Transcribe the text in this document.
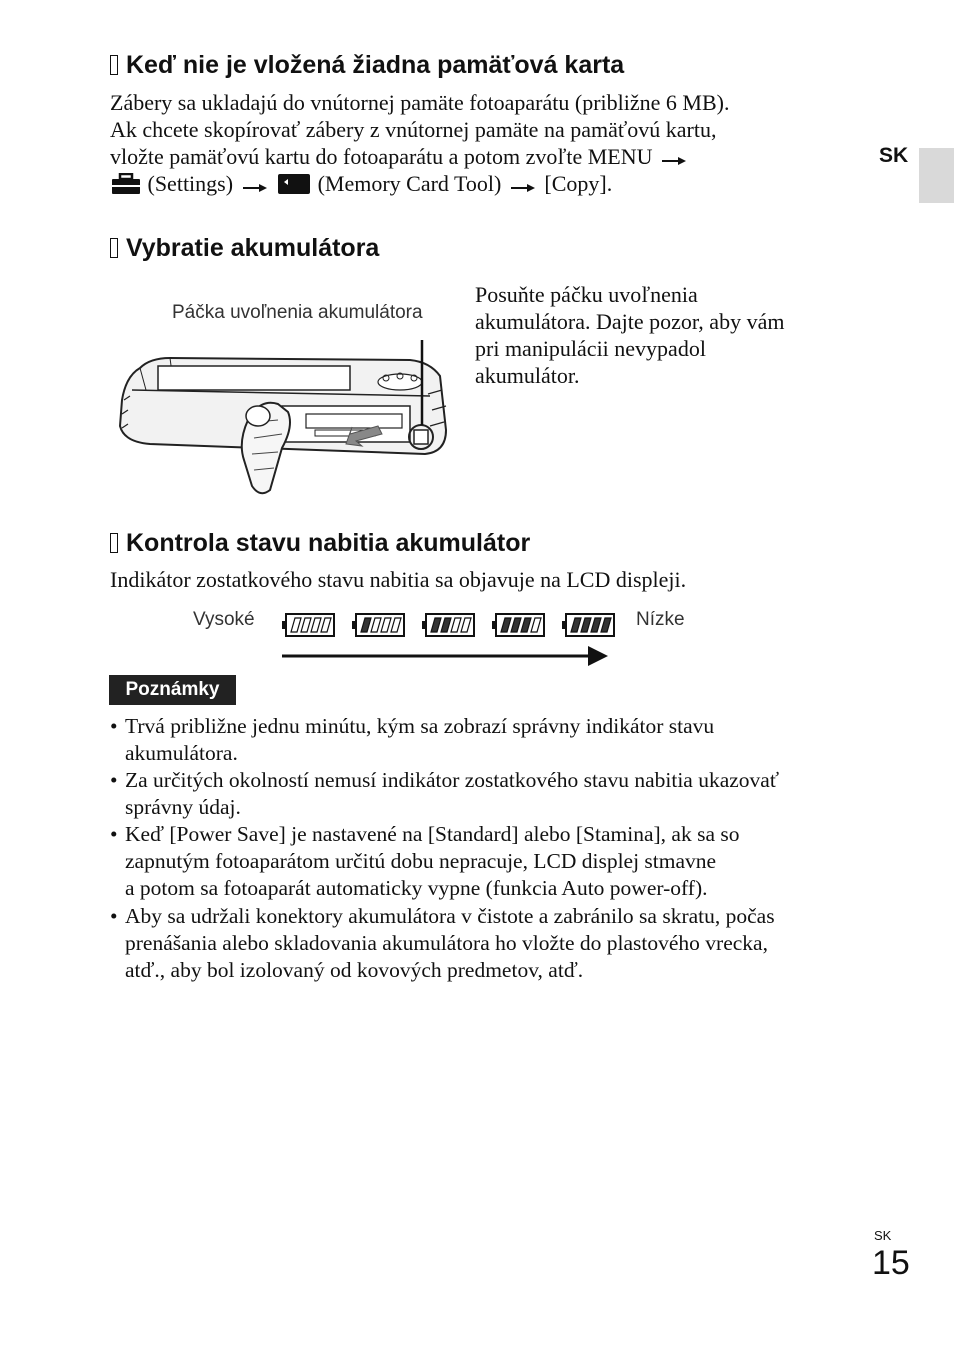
SK
Keď nie je vložená žiadna pamäťová karta
Zábery sa ukladajú do vnútornej pamäte fotoaparátu (približne 6 MB).
Ak chcete skopírovať zábery z vnútornej pamäte na pamäťovú kartu,
vložte pamäťovú kartu do fotoaparátu a potom zvoľte MENU
(Settings)	(Memory Card Tool) [Copy].
Vybratie akumulátora
Páčka uvoľnenia akumulátora
Posuňte páčku uvoľnenia
akumulátora. Dajte pozor, aby vám
pri manipulácii nevypadol
akumulátor.
Kontrola stavu nabitia akumulátor
Indikátor zostatkového stavu nabitia sa objavuje na LCD displeji.
Vysoké	Nízke
Poznámky
• Trvá približne jednu minútu, kým sa zobrazí správny indikátor stavu
akumulátora.
• Za určitých okolností nemusí indikátor zostatkového stavu nabitia ukazovať
správny údaj.
• Keď [Power Save] je nastavené na [Standard] alebo [Stamina], ak sa so
zapnutým fotoaparátom určitú dobu nepracuje, LCD displej stmavne
a potom sa fotoaparát automaticky vypne (funkcia Auto power-off).
• Aby sa udržali konektory akumulátora v čistote a zabránilo sa skratu, počas
prenášania alebo skladovania akumulátora ho vložte do plastového vrecka,
atď., aby bol izolovaný od kovových predmetov, atď.
SK
15
